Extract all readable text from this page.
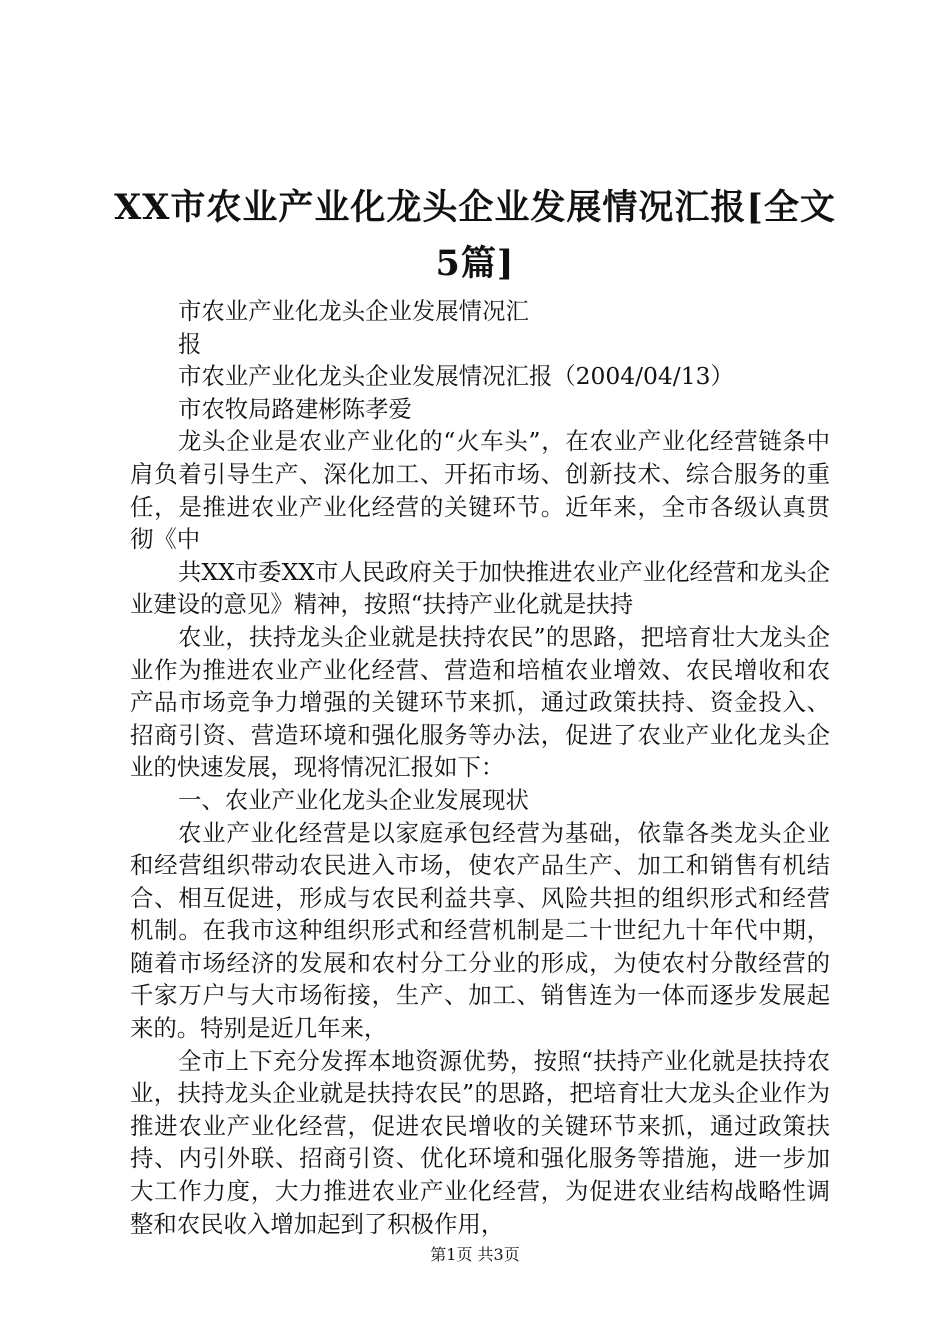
XX市农业产业化龙头企业发展情况汇报[全文
5篇]

市农业产业化龙头企业发展情况汇

报

市农业产业化龙头企业发展情况汇报（2004/04/13）

市农牧局路建彬陈孝爱

龙头企业是农业产业化的“火车头”，在农业产业化经营链条中肩负着引导生产、深化加工、开拓市场、创新技术、综合服务的重任，是推进农业产业化经营的关键环节。近年来，全市各级认真贯彻《中

共XX市委XX市人民政府关于加快推进农业产业化经营和龙头企业建设的意见》精神，按照“扶持产业化就是扶持

农业，扶持龙头企业就是扶持农民”的思路，把培育壮大龙头企业作为推进农业产业化经营、营造和培植农业增效、农民增收和农产品市场竞争力增强的关键环节来抓，通过政策扶持、资金投入、招商引资、营造环境和强化服务等办法，促进了农业产业化龙头企业的快速发展，现将情况汇报如下：

一、农业产业化龙头企业发展现状

农业产业化经营是以家庭承包经营为基础，依靠各类龙头企业和经营组织带动农民进入市场，使农产品生产、加工和销售有机结合、相互促进，形成与农民利益共享、风险共担的组织形式和经营机制。在我市这种组织形式和经营机制是二十世纪九十年代中期，随着市场经济的发展和农村分工分业的形成，为使农村分散经营的千家万户与大市场衔接，生产、加工、销售连为一体而逐步发展起来的。特别是近几年来，

全市上下充分发挥本地资源优势，按照“扶持产业化就是扶持农业，扶持龙头企业就是扶持农民”的思路，把培育壮大龙头企业作为推进农业产业化经营，促进农民增收的关键环节来抓，通过政策扶持、内引外联、招商引资、优化环境和强化服务等措施，进一步加大工作力度，大力推进农业产业化经营，为促进农业结构战略性调整和农民收入增加起到了积极作用，

第1页 共3页
